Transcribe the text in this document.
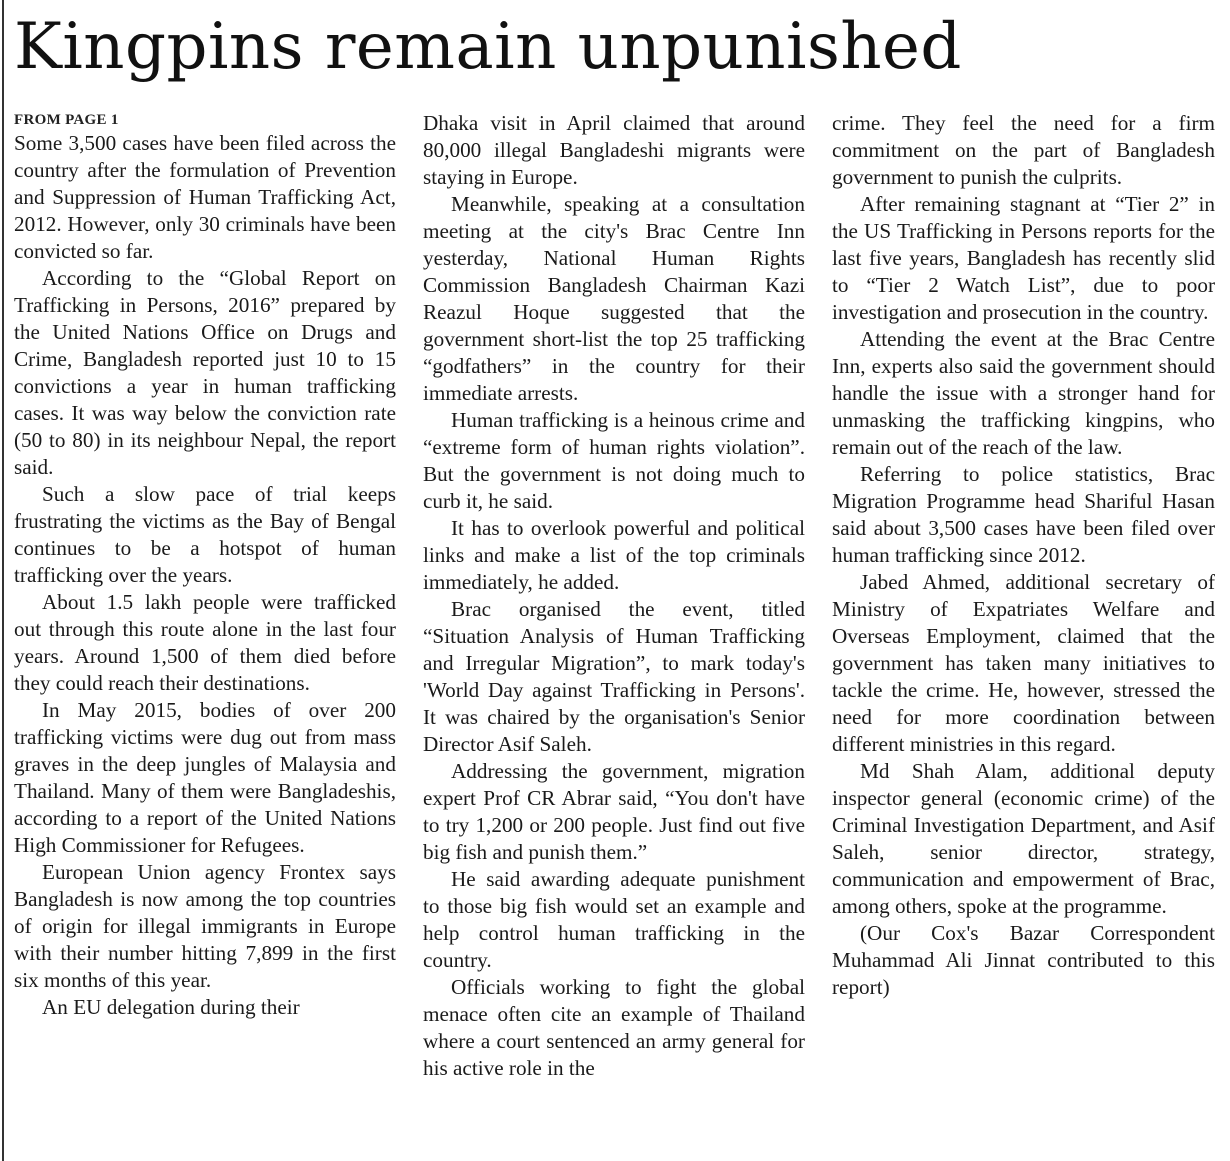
Kingpins remain unpunished
FROM PAGE 1

Some 3,500 cases have been filed across the country after the formulation of Prevention and Suppression of Human Trafficking Act, 2012. However, only 30 criminals have been convicted so far.

According to the “Global Report on Trafficking in Persons, 2016” prepared by the United Nations Office on Drugs and Crime, Bangladesh reported just 10 to 15 convictions a year in human trafficking cases. It was way below the conviction rate (50 to 80) in its neighbour Nepal, the report said.

Such a slow pace of trial keeps frustrating the victims as the Bay of Bengal continues to be a hotspot of human trafficking over the years.

About 1.5 lakh people were trafficked out through this route alone in the last four years. Around 1,500 of them died before they could reach their destinations.

In May 2015, bodies of over 200 trafficking victims were dug out from mass graves in the deep jungles of Malaysia and Thailand. Many of them were Bangladeshis, according to a report of the United Nations High Commissioner for Refugees.

European Union agency Frontex says Bangladesh is now among the top countries of origin for illegal immigrants in Europe with their number hitting 7,899 in the first six months of this year.

An EU delegation during their

Dhaka visit in April claimed that around 80,000 illegal Bangladeshi migrants were staying in Europe.

Meanwhile, speaking at a consultation meeting at the city's Brac Centre Inn yesterday, National Human Rights Commission Bangladesh Chairman Kazi Reazul Hoque suggested that the government short-list the top 25 trafficking “godfathers” in the country for their immediate arrests.

Human trafficking is a heinous crime and “extreme form of human rights violation”. But the government is not doing much to curb it, he said.

It has to overlook powerful and political links and make a list of the top criminals immediately, he added.

Brac organised the event, titled “Situation Analysis of Human Trafficking and Irregular Migration”, to mark today's 'World Day against Trafficking in Persons'. It was chaired by the organisation's Senior Director Asif Saleh.

Addressing the government, migration expert Prof CR Abrar said, “You don't have to try 1,200 or 200 people. Just find out five big fish and punish them.”

He said awarding adequate punishment to those big fish would set an example and help control human trafficking in the country.

Officials working to fight the global menace often cite an example of Thailand where a court sentenced an army general for his active role in the

crime. They feel the need for a firm commitment on the part of Bangladesh government to punish the culprits.

After remaining stagnant at “Tier 2” in the US Trafficking in Persons reports for the last five years, Bangladesh has recently slid to “Tier 2 Watch List”, due to poor investigation and prosecution in the country.

Attending the event at the Brac Centre Inn, experts also said the government should handle the issue with a stronger hand for unmasking the trafficking kingpins, who remain out of the reach of the law.

Referring to police statistics, Brac Migration Programme head Shariful Hasan said about 3,500 cases have been filed over human trafficking since 2012.

Jabed Ahmed, additional secretary of Ministry of Expatriates Welfare and Overseas Employment, claimed that the government has taken many initiatives to tackle the crime. He, however, stressed the need for more coordination between different ministries in this regard.

Md Shah Alam, additional deputy inspector general (economic crime) of the Criminal Investigation Department, and Asif Saleh, senior director, strategy, communication and empowerment of Brac, among others, spoke at the programme.

(Our Cox's Bazar Correspondent Muhammad Ali Jinnat contributed to this report)
